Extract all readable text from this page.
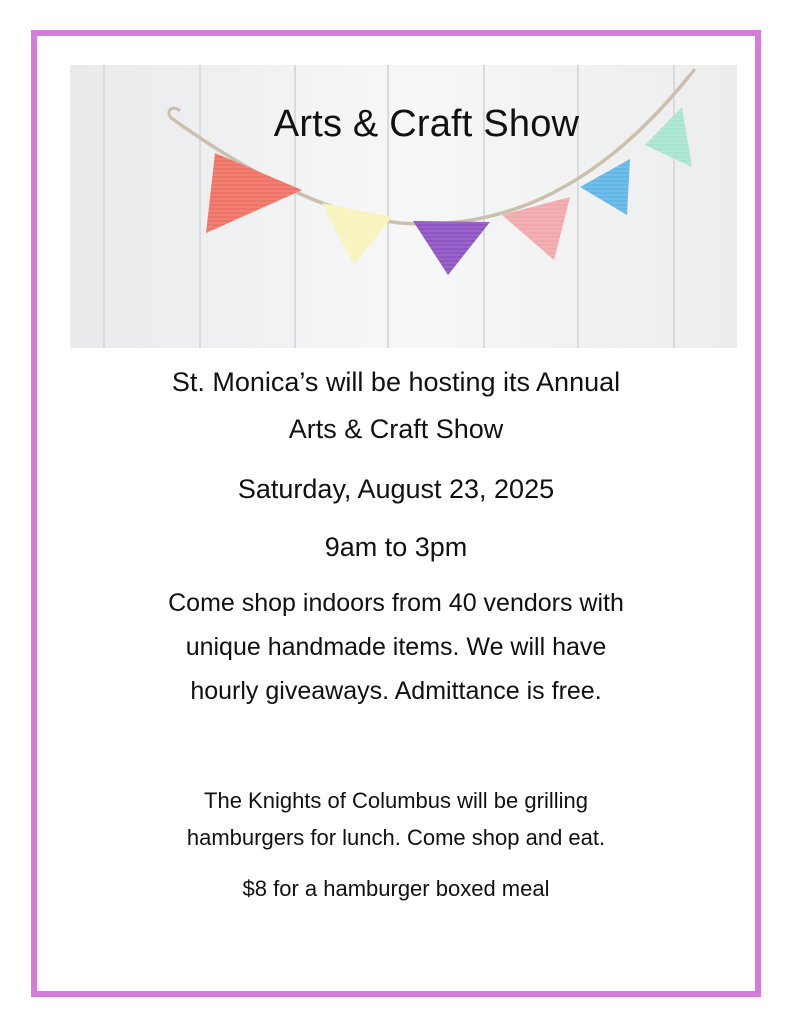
Arts & Craft Show
St. Monica’s will be hosting its Annual
Arts & Craft Show
Saturday, August 23, 2025
9am to 3pm
Come shop indoors from 40 vendors with
unique handmade items. We will have
hourly giveaways. Admittance is free.
The Knights of Columbus will be grilling
hamburgers for lunch. Come shop and eat.
$8 for a hamburger boxed meal
